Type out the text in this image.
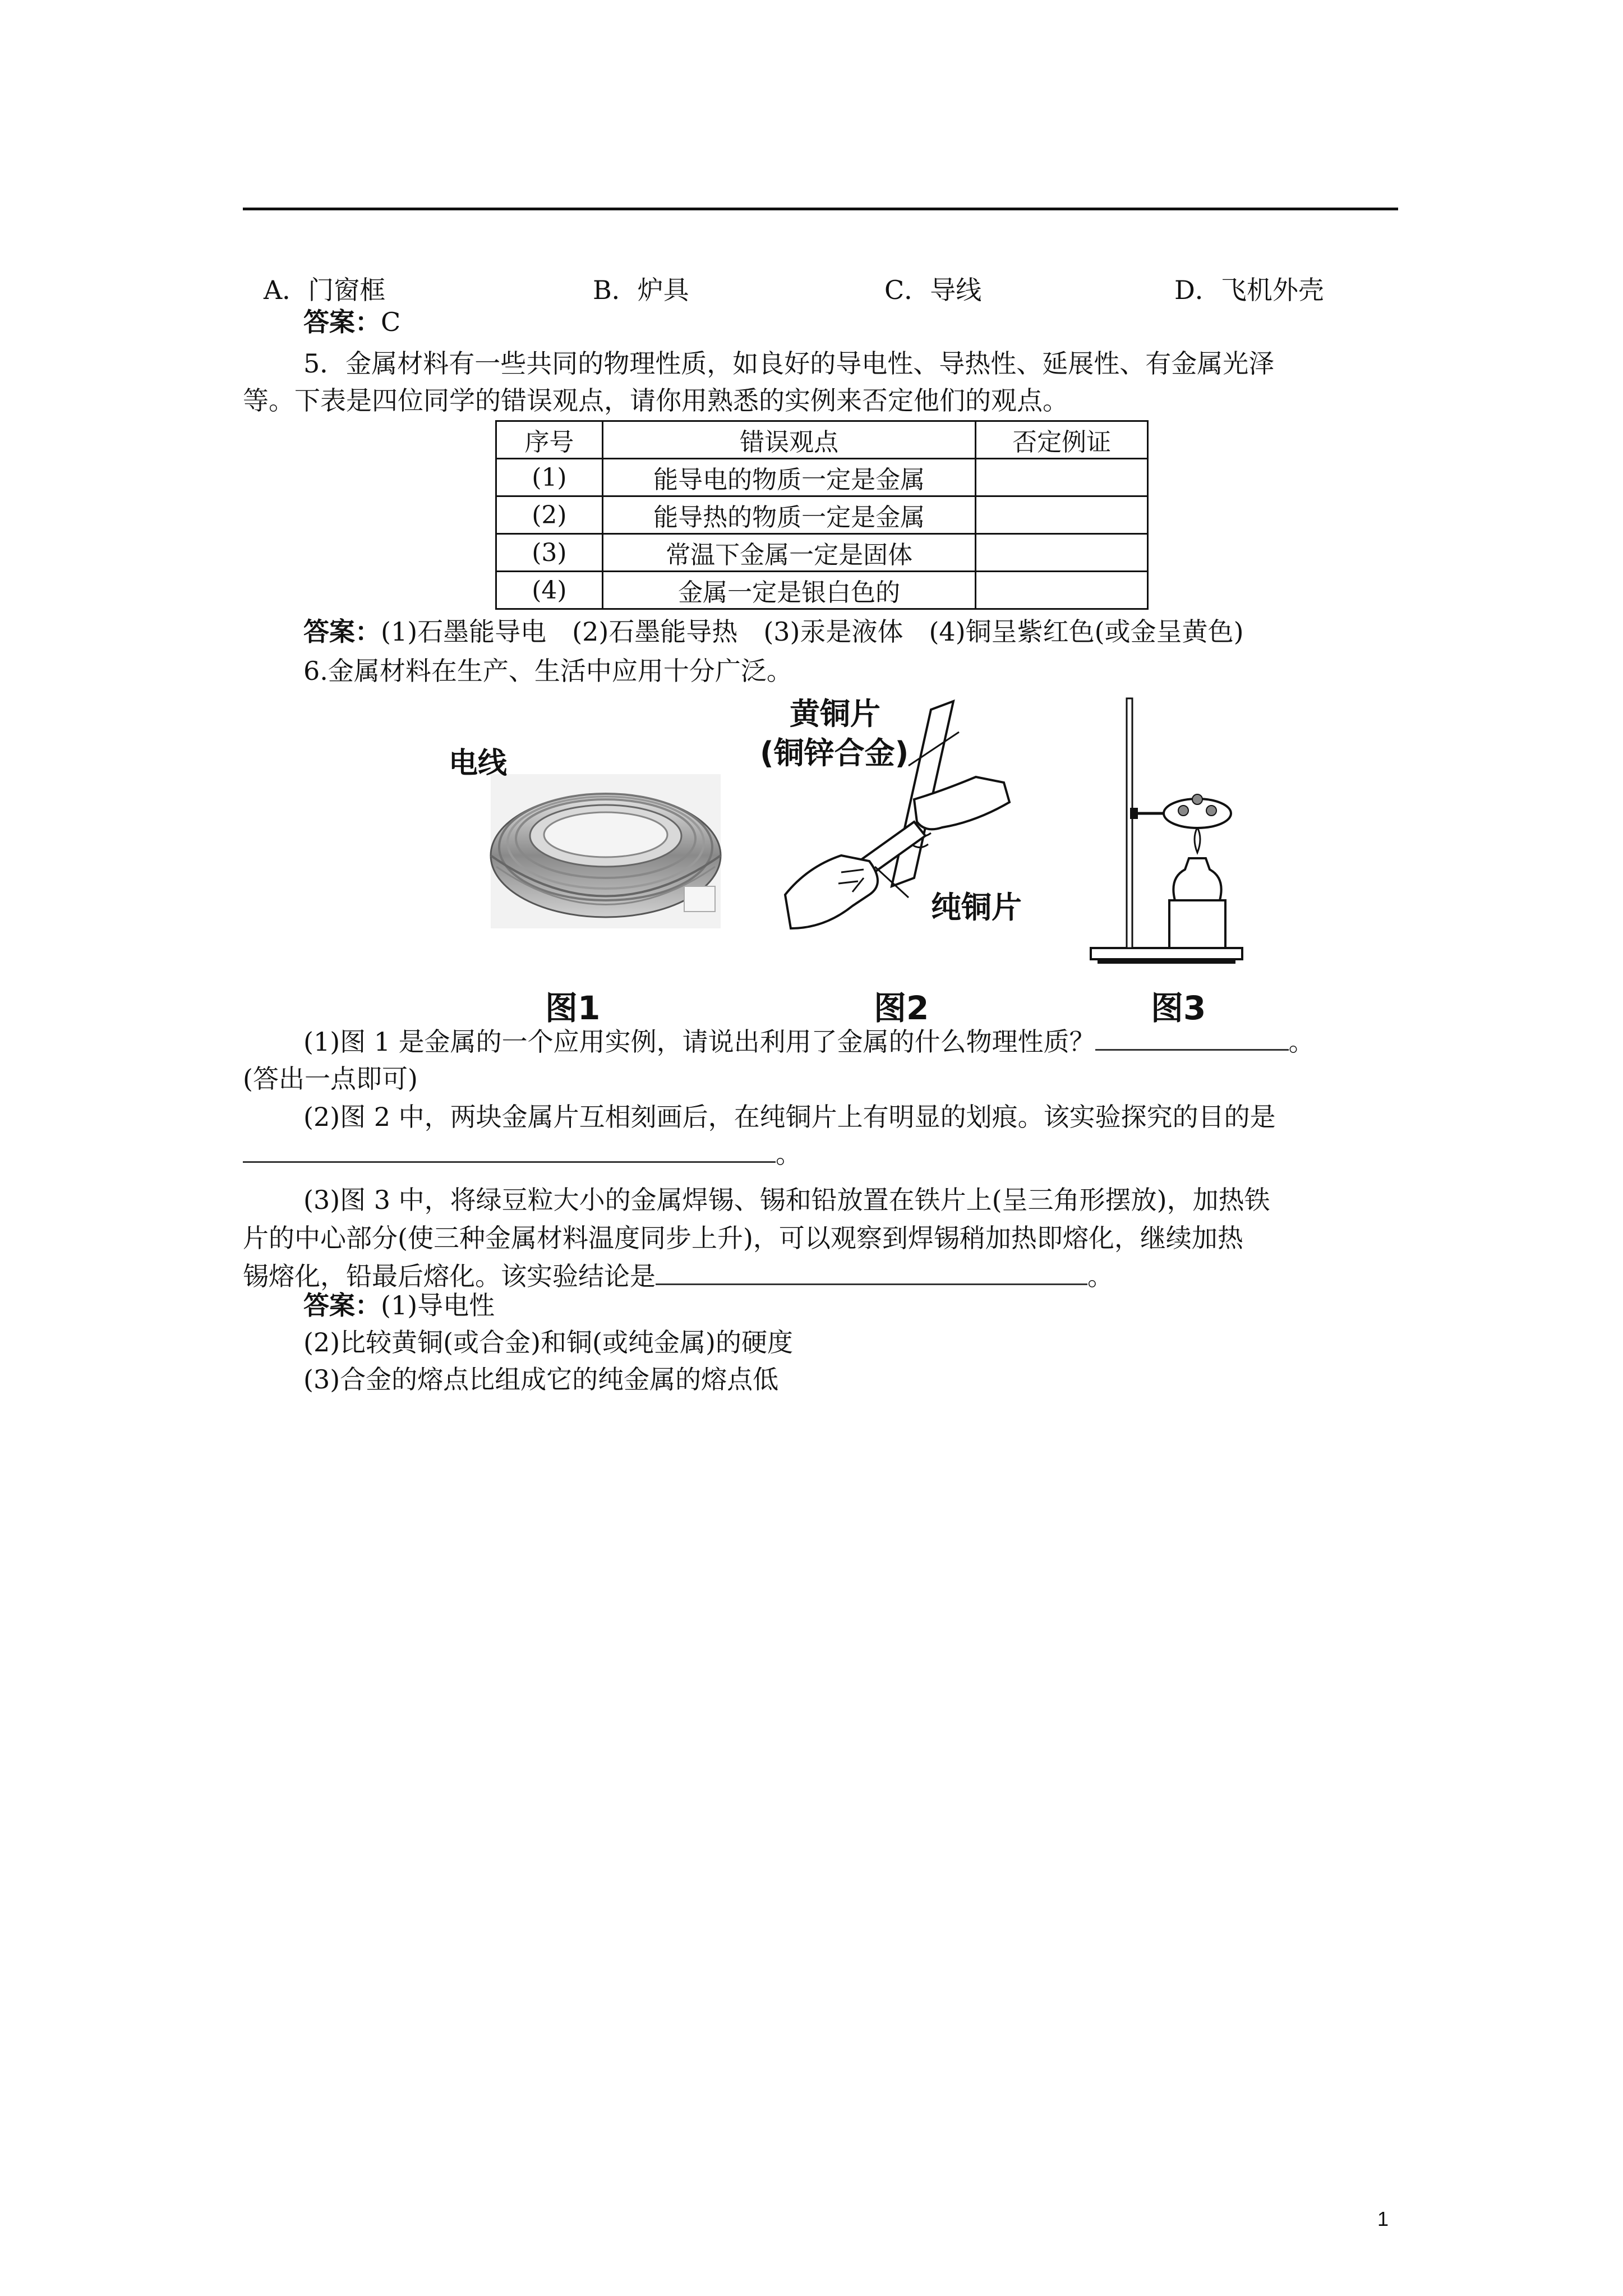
A．门窗框	B．炉具	C．导线	D．飞机外壳
答案：C
5．金属材料有一些共同的物理性质，如良好的导电性、导热性、延展性、有金属光泽
等。下表是四位同学的错误观点，请你用熟悉的实例来否定他们的观点。
序号	错误观点	否定例证
(1)	能导电的物质一定是金属	
(2)	能导热的物质一定是金属	
(3)	常温下金属一定是固体	
(4)	金属一定是银白色的	
答案：(1)石墨能导电　(2)石墨能导热　(3)汞是液体　(4)铜呈紫红色(或金呈黄色)
6.金属材料在生产、生活中应用十分广泛。
电线
图1
黄铜片
(铜锌合金)
纯铜片
图2	图3
(1)图 1 是金属的一个应用实例，请说出利用了金属的什么物理性质？	。
(答出一点即可)
(2)图 2 中，两块金属片互相刻画后，在纯铜片上有明显的划痕。该实验探究的目的是
。
(3)图 3 中，将绿豆粒大小的金属焊锡、锡和铅放置在铁片上(呈三角形摆放)，加热铁
片的中心部分(使三种金属材料温度同步上升)，可以观察到焊锡稍加热即熔化，继续加热
锡熔化，铅最后熔化。该实验结论是	。
答案：(1)导电性
(2)比较黄铜(或合金)和铜(或纯金属)的硬度
(3)合金的熔点比组成它的纯金属的熔点低
1
